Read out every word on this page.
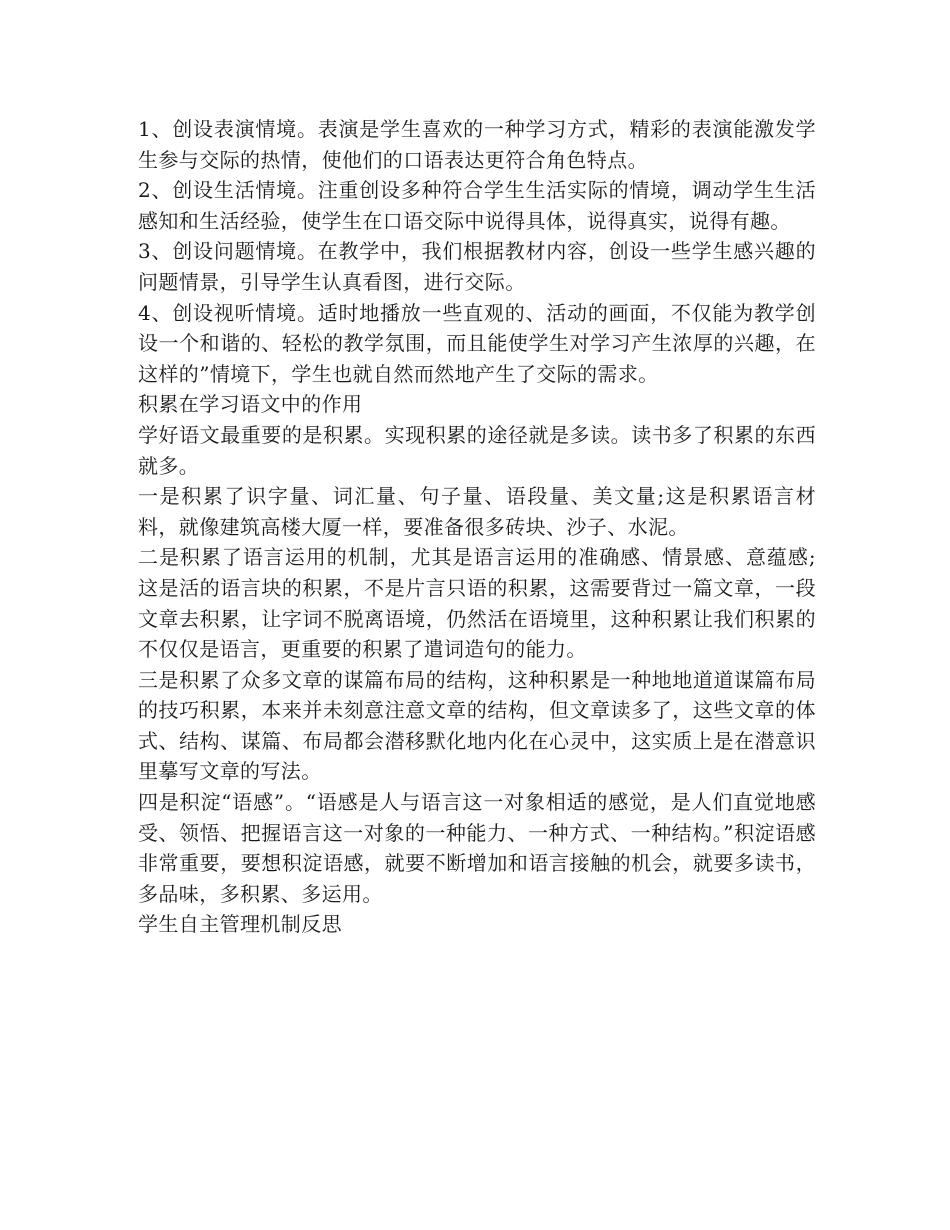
1、创设表演情境。表演是学生喜欢的一种学习方式，精彩的表演能激发学生参与交际的热情，使他们的口语表达更符合角色特点。

2、创设生活情境。注重创设多种符合学生生活实际的情境，调动学生生活感知和生活经验，使学生在口语交际中说得具体，说得真实，说得有趣。

3、创设问题情境。在教学中，我们根据教材内容，创设一些学生感兴趣的问题情景，引导学生认真看图，进行交际。

4、创设视听情境。适时地播放一些直观的、活动的画面，不仅能为教学创设一个和谐的、轻松的教学氛围，而且能使学生对学习产生浓厚的兴趣，在这样的”情境下，学生也就自然而然地产生了交际的需求。

积累在学习语文中的作用

学好语文最重要的是积累。实现积累的途径就是多读。读书多了积累的东西就多。

一是积累了识字量、词汇量、句子量、语段量、美文量;这是积累语言材料，就像建筑高楼大厦一样，要准备很多砖块、沙子、水泥。

二是积累了语言运用的机制，尤其是语言运用的准确感、情景感、意蕴感;这是活的语言块的积累，不是片言只语的积累，这需要背过一篇文章，一段文章去积累，让字词不脱离语境，仍然活在语境里，这种积累让我们积累的不仅仅是语言，更重要的积累了遣词造句的能力。

三是积累了众多文章的谋篇布局的结构，这种积累是一种地地道道谋篇布局的技巧积累，本来并未刻意注意文章的结构，但文章读多了，这些文章的体式、结构、谋篇、布局都会潜移默化地内化在心灵中，这实质上是在潜意识里摹写文章的写法。

四是积淀“语感”。“语感是人与语言这一对象相适的感觉，是人们直觉地感受、领悟、把握语言这一对象的一种能力、一种方式、一种结构。”积淀语感非常重要，要想积淀语感，就要不断增加和语言接触的机会，就要多读书，多品味，多积累、多运用。

学生自主管理机制反思
